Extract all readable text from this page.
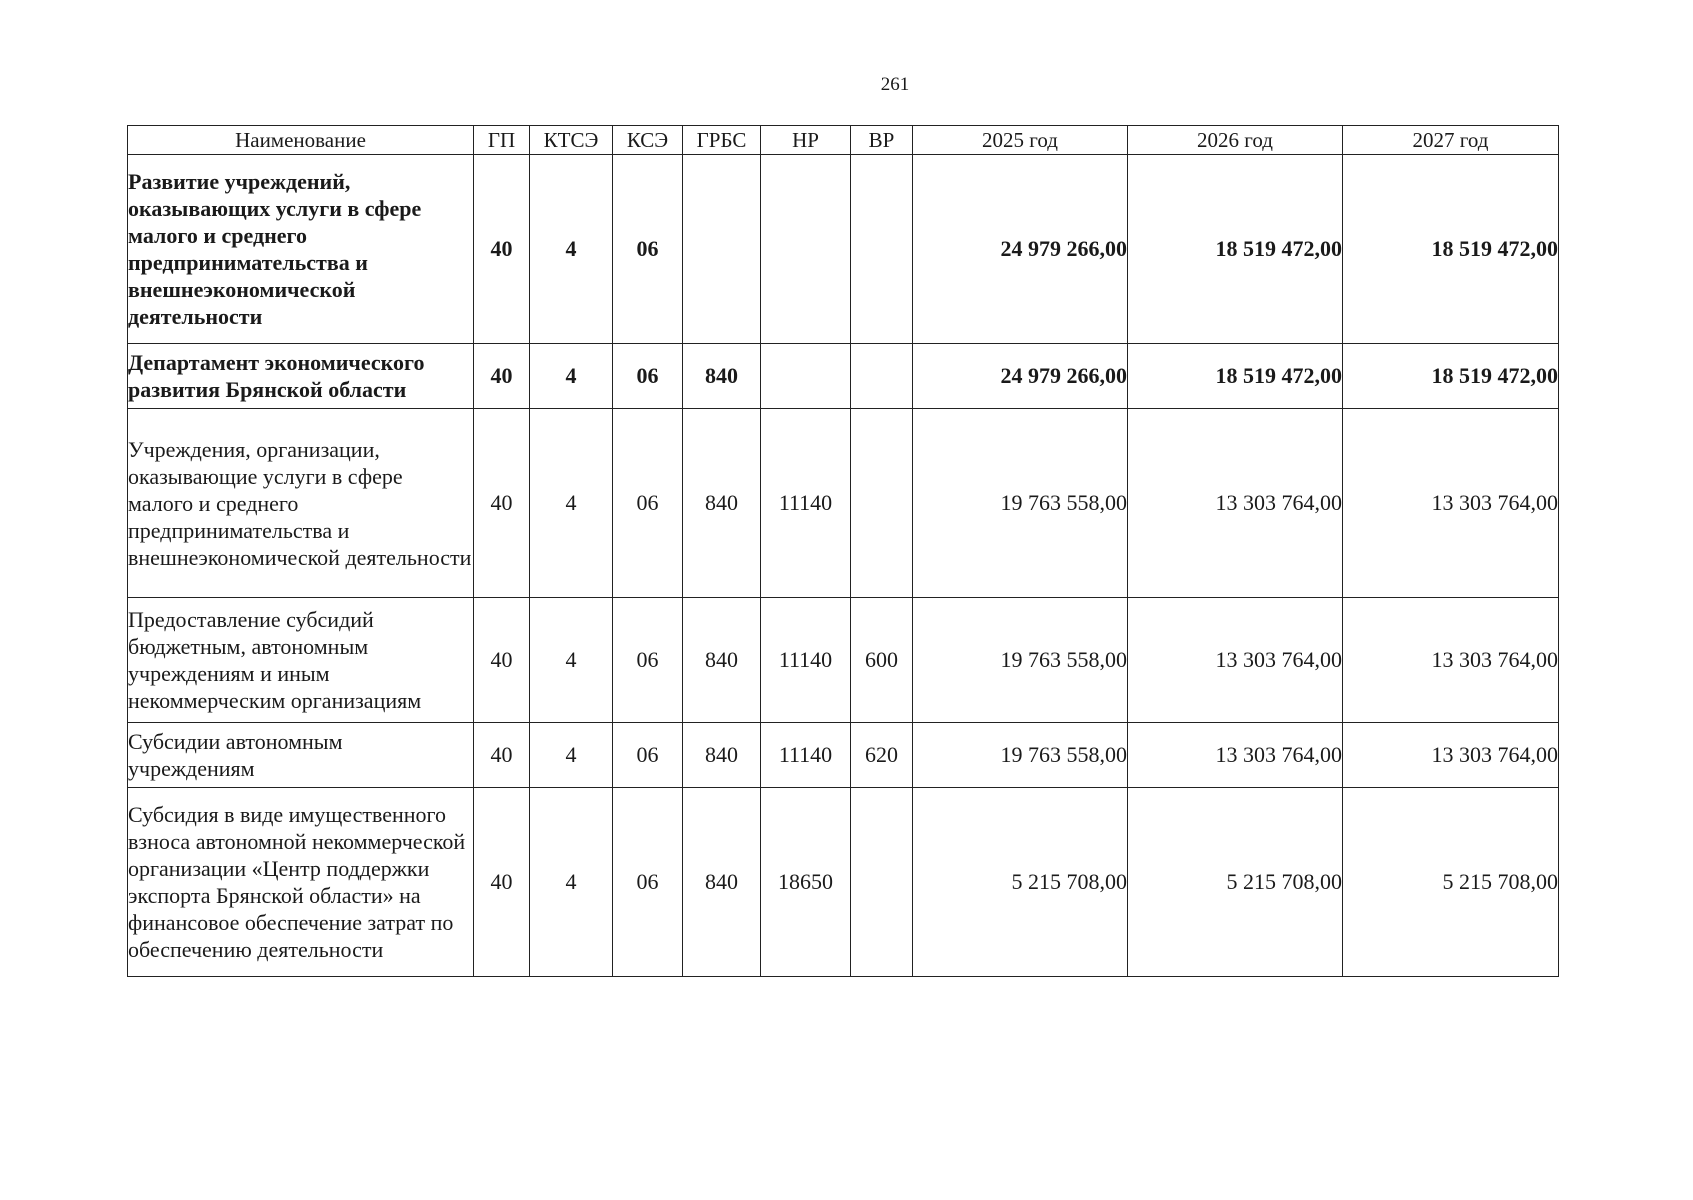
261
Наименование	ГП	КТСЭ	КСЭ	ГРБС	НР	ВР	2025 год	2026 год	2027 год
Развитие учреждений, оказывающих услуги в сфере малого и среднего предпринимательства и внешнеэкономической деятельности	40	4	06				24 979 266,00	18 519 472,00	18 519 472,00
Департамент экономического развития Брянской области	40	4	06	840			24 979 266,00	18 519 472,00	18 519 472,00
Учреждения, организации, оказывающие услуги в сфере малого и среднего предпринимательства и внешнеэкономической деятельности	40	4	06	840	11140		19 763 558,00	13 303 764,00	13 303 764,00
Предоставление субсидий бюджетным, автономным учреждениям и иным некоммерческим организациям	40	4	06	840	11140	600	19 763 558,00	13 303 764,00	13 303 764,00
Субсидии автономным учреждениям	40	4	06	840	11140	620	19 763 558,00	13 303 764,00	13 303 764,00
Субсидия в виде имущественного взноса автономной некоммерческой организации «Центр поддержки экспорта Брянской области» на финансовое обеспечение затрат по обеспечению деятельности	40	4	06	840	18650		5 215 708,00	5 215 708,00	5 215 708,00
